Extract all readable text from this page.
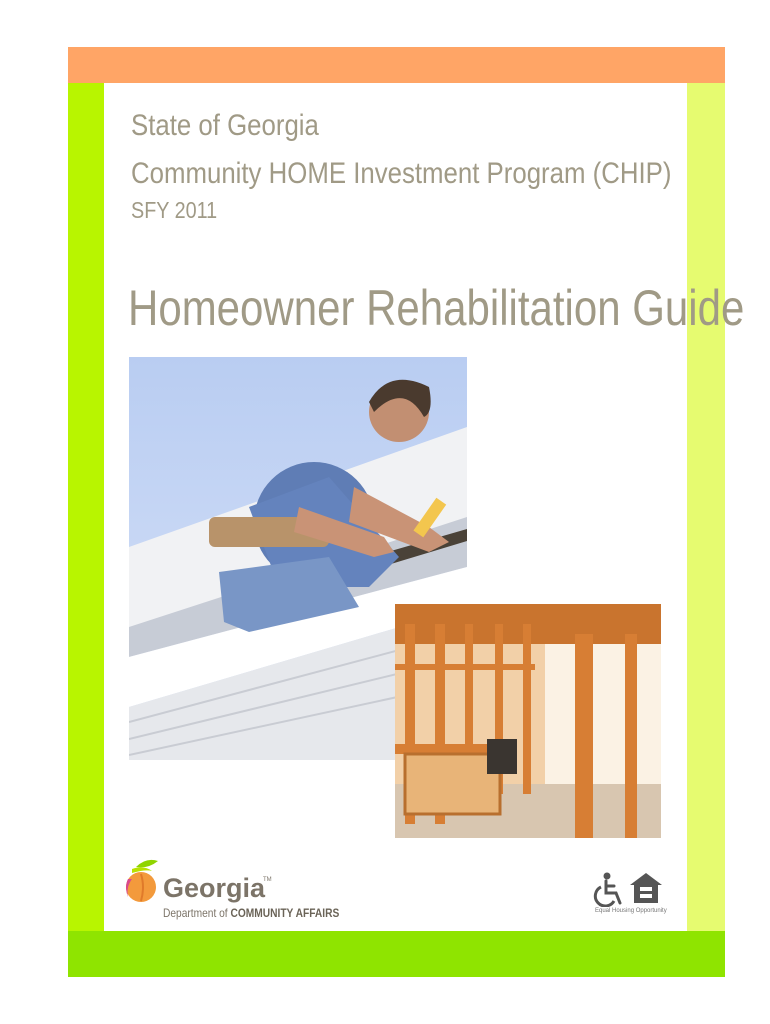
State of Georgia
Community HOME Investment Program (CHIP)
SFY 2011
Homeowner Rehabilitation Guide
Georgia
TM
Department of COMMUNITY AFFAIRS	Equal Housing Opportunity
